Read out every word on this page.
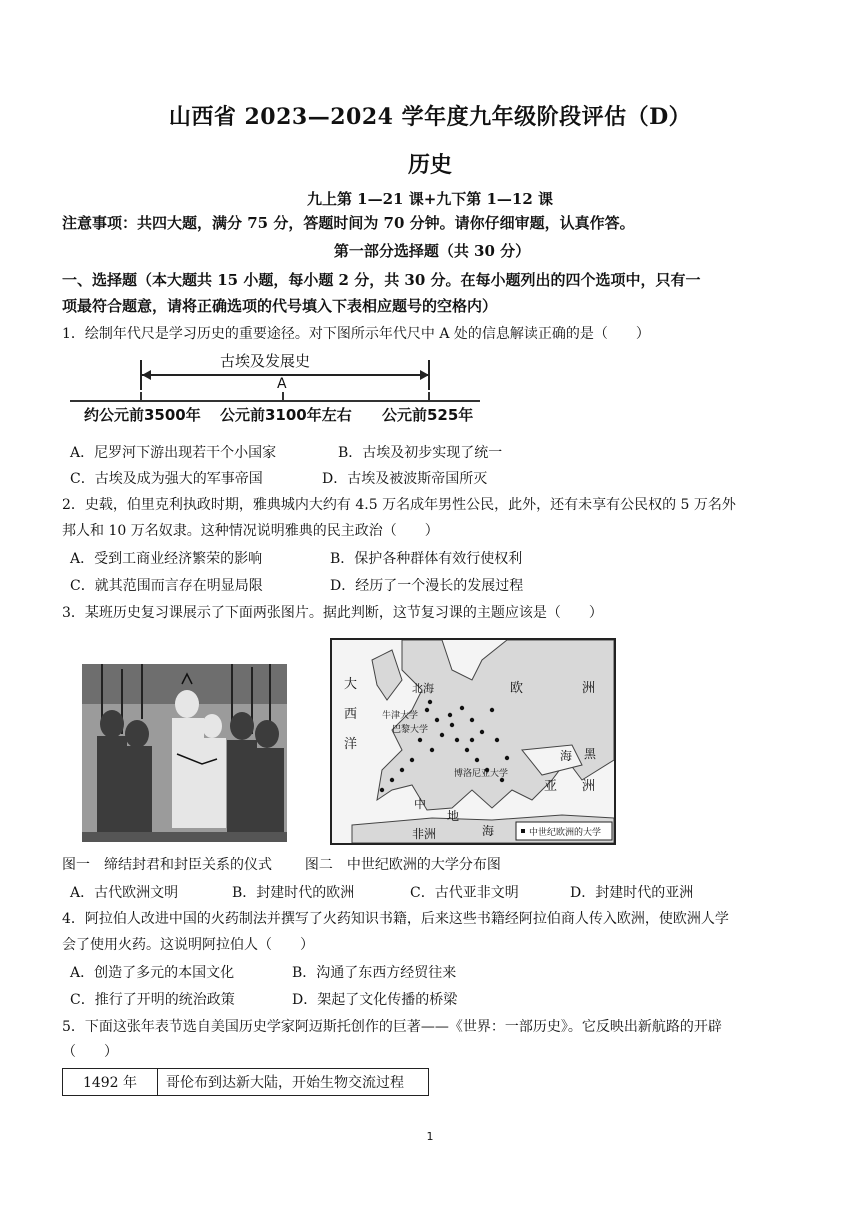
山西省 2023—2024 学年度九年级阶段评估（D）
历史
九上第 1—21 课+九下第 1—12 课
注意事项：共四大题，满分 75 分，答题时间为 70 分钟。请你仔细审题，认真作答。
第一部分选择题（共 30 分）
一、选择题（本大题共 15 小题，每小题 2 分，共 30 分。在每小题列出的四个选项中，只有一
项最符合题意，请将正确选项的代号填入下表相应题号的空格内）
1．绘制年代尺是学习历史的重要途径。对下图所示年代尺中 A 处的信息解读正确的是（　　）
古埃及发展史
A
约公元前3500年 公元前3100年左右 公元前525年
A．尼罗河下游出现若干个小国家	B．古埃及初步实现了统一
C．古埃及成为强大的军事帝国	D．古埃及被波斯帝国所灭
2．史载，伯里克利执政时期，雅典城内大约有 4.5 万名成年男性公民，此外，还有未享有公民权的 5 万名外
邦人和 10 万名奴隶。这种情况说明雅典的民主政治（　　）
A．受到工商业经济繁荣的影响	B．保护各种群体有效行使权利
C．就其范围而言存在明显局限	D．经历了一个漫长的发展过程
3．某班历史复习课展示了下面两张图片。据此判断，这节复习课的主题应该是（　　）
大
西
洋
北海	欧	洲
牛津大学
巴黎大学
博洛尼亚大学
黑
海
亚 洲
地
中
海
非洲	中世纪欧洲的大学
图一　缔结封君和封臣关系的仪式 图二　中世纪欧洲的大学分布图
A．古代欧洲文明	B．封建时代的欧洲	C．古代亚非文明	D．封建时代的亚洲
4．阿拉伯人改进中国的火药制法并撰写了火药知识书籍，后来这些书籍经阿拉伯商人传入欧洲，使欧洲人学
会了使用火药。这说明阿拉伯人（　　）
A．创造了多元的本国文化	B．沟通了东西方经贸往来
C．推行了开明的统治政策	D．架起了文化传播的桥梁
5．下面这张年表节选自美国历史学家阿迈斯托创作的巨著——《世界：一部历史》。它反映出新航路的开辟
（　　）
1492 年	哥伦布到达新大陆，开始生物交流过程
1
